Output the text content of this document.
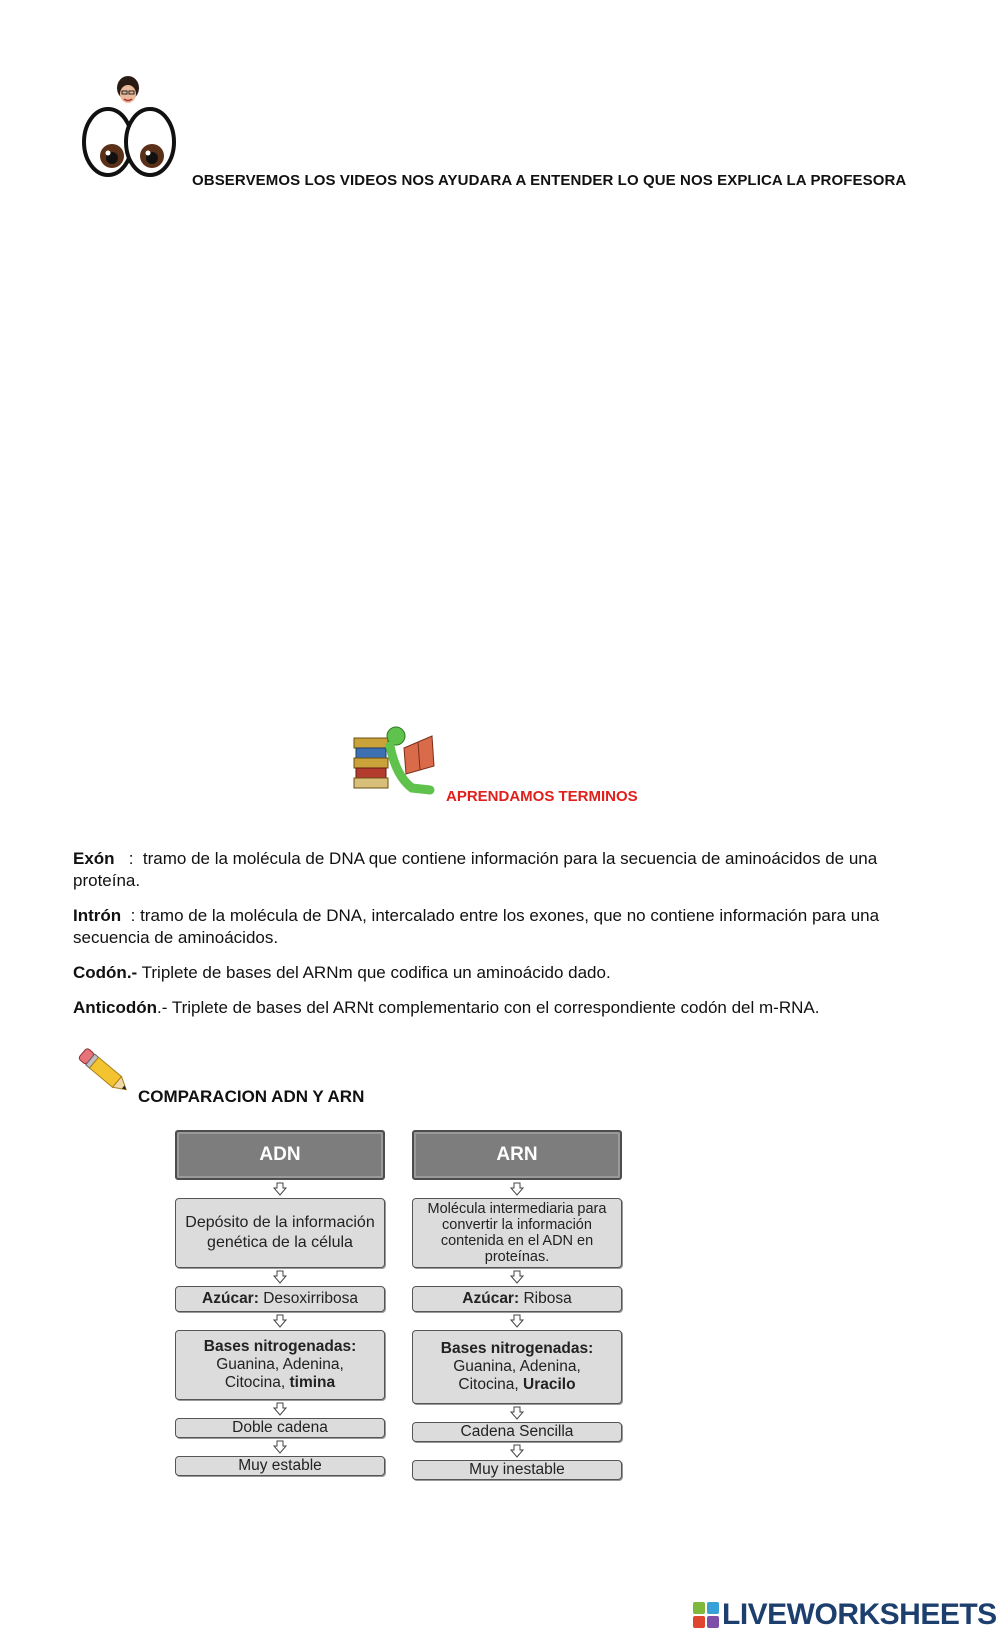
OBSERVEMOS LOS VIDEOS NOS AYUDARA A ENTENDER LO QUE NOS EXPLICA LA PROFESORA
APRENDAMOS TERMINOS
Exón   :  tramo de la molécula de DNA que contiene información para la secuencia de aminoácidos de una proteína.
Intrón  : tramo de la molécula de DNA, intercalado entre los exones, que no contiene información para una secuencia de aminoácidos.
Codón.- Triplete de bases del ARNm que codifica un aminoácido dado.
Anticodón.- Triplete de bases del ARNt complementario con el correspondiente codón del m-RNA.
COMPARACION ADN Y ARN
ADN
Depósito de la información genética de la célula
Azúcar:
Desoxirribosa
Bases nitrogenadas:
Guanina, Adenina,
Citocina, timina
Doble cadena
Muy estable
ARN
Molécula intermediaria para convertir la información contenida en el ADN en proteínas.
Azúcar:
Ribosa
Bases nitrogenadas:
Guanina, Adenina,
Citocina, Uracilo
Cadena Sencilla
Muy inestable
LIVEWORKSHEETS
